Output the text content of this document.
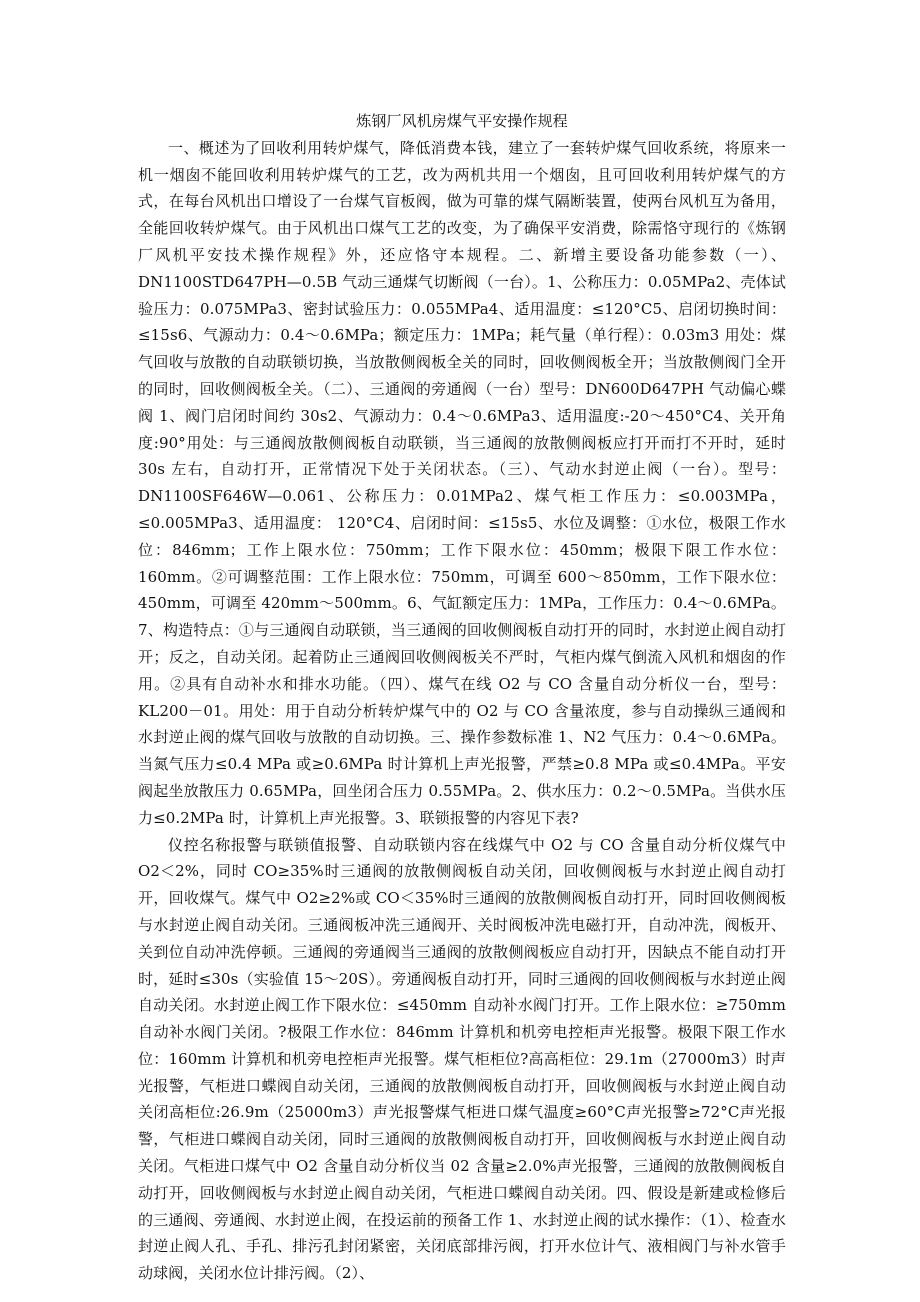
炼钢厂风机房煤气平安操作规程

一、概述为了回收利用转炉煤气，降低消费本钱，建立了一套转炉煤气回收系统，将原来一机一烟囱不能回收利用转炉煤气的工艺，改为两机共用一个烟囱，且可回收利用转炉煤气的方式，在每台风机出口增设了一台煤气盲板阀，做为可靠的煤气隔断装置，使两台风机互为备用，全能回收转炉煤气。由于风机出口煤气工艺的改变，为了确保平安消费，除需恪守现行的《炼钢厂风机平安技术操作规程》外，还应恪守本规程。二、新增主要设备功能参数（一）、DN1100STD647PH—0.5B 气动三通煤气切断阀（一台）。1、公称压力：0.05MPa2、壳体试验压力：0.075MPa3、密封试验压力：0.055MPa4、适用温度：≤120°C5、启闭切换时间：≤15s6、气源动力：0.4～0.6MPa；额定压力：1MPa；耗气量（单行程）：0.03m3 用处：煤气回收与放散的自动联锁切换，当放散侧阀板全关的同时，回收侧阀板全开；当放散侧阀门全开的同时，回收侧阀板全关。（二）、三通阀的旁通阀（一台）型号：DN600D647PH 气动偏心蝶阀 1、阀门启闭时间约 30s2、气源动力：0.4～0.6MPa3、适用温度:-20～450°C4、关开角度:90°用处：与三通阀放散侧阀板自动联锁，当三通阀的放散侧阀板应打开而打不开时，延时 30s 左右，自动打开，正常情况下处于关闭状态。（三）、气动水封逆止阀（一台）。型号：DN1100SF646W—0.061、公称压力：0.01MPa2、煤气柜工作压力：≤0.003MPa，≤0.005MPa3、适用温度： 120°C4、启闭时间：≤15s5、水位及调整：①水位，极限工作水位：846mm；工作上限水位：750mm；工作下限水位：450mm；极限下限工作水位：160mm。②可调整范围：工作上限水位：750mm，可调至 600～850mm，工作下限水位：450mm，可调至 420mm～500mm。6、气缸额定压力：1MPa，工作压力：0.4～0.6MPa。7、构造特点：①与三通阀自动联锁，当三通阀的回收侧阀板自动打开的同时，水封逆止阀自动打开；反之，自动关闭。起着防止三通阀回收侧阀板关不严时，气柜内煤气倒流入风机和烟囱的作用。②具有自动补水和排水功能。（四）、煤气在线 O2 与 CO 含量自动分析仪一台，型号：KL200－01。用处：用于自动分析转炉煤气中的 O2 与 CO 含量浓度，参与自动操纵三通阀和水封逆止阀的煤气回收与放散的自动切换。三、操作参数标准 1、N2 气压力：0.4～0.6MPa。当氮气压力≤0.4 MPa 或≥0.6MPa 时计算机上声光报警，严禁≥0.8 MPa 或≤0.4MPa。平安阀起坐放散压力 0.65MPa，回坐闭合压力 0.55MPa。2、供水压力：0.2～0.5MPa。当供水压力≤0.2MPa 时，计算机上声光报警。3、联锁报警的内容见下表?

仪控名称报警与联锁值报警、自动联锁内容在线煤气中 O2 与 CO 含量自动分析仪煤气中 O2＜2%，同时 CO≥35%时三通阀的放散侧阀板自动关闭，回收侧阀板与水封逆止阀自动打开，回收煤气。煤气中 O2≥2%或 CO＜35%时三通阀的放散侧阀板自动打开，同时回收侧阀板与水封逆止阀自动关闭。三通阀板冲洗三通阀开、关时阀板冲洗电磁打开，自动冲洗，阀板开、关到位自动冲洗停顿。三通阀的旁通阀当三通阀的放散侧阀板应自动打开，因缺点不能自动打开时，延时≤30s（实验值 15～20S）。旁通阀板自动打开，同时三通阀的回收侧阀板与水封逆止阀自动关闭。水封逆止阀工作下限水位：≤450mm 自动补水阀门打开。工作上限水位：≥750mm 自动补水阀门关闭。?极限工作水位：846mm 计算机和机旁电控柜声光报警。极限下限工作水位：160mm 计算机和机旁电控柜声光报警。煤气柜柜位?高高柜位：29.1m（27000m3）时声光报警，气柜进口蝶阀自动关闭，三通阀的放散侧阀板自动打开，回收侧阀板与水封逆止阀自动关闭高柜位:26.9m（25000m3）声光报警煤气柜进口煤气温度≥60°C声光报警≥72°C声光报警，气柜进口蝶阀自动关闭，同时三通阀的放散侧阀板自动打开，回收侧阀板与水封逆止阀自动关闭。气柜进口煤气中 O2 含量自动分析仪当 02 含量≥2.0%声光报警，三通阀的放散侧阀板自动打开，回收侧阀板与水封逆止阀自动关闭，气柜进口蝶阀自动关闭。四、假设是新建或检修后的三通阀、旁通阀、水封逆止阀，在投运前的预备工作 1、水封逆止阀的试水操作：（1）、检查水封逆止阀人孔、手孔、排污孔封闭紧密，关闭底部排污阀，打开水位计气、液相阀门与补水管手动球阀，关闭水位计排污阀。（2）、
